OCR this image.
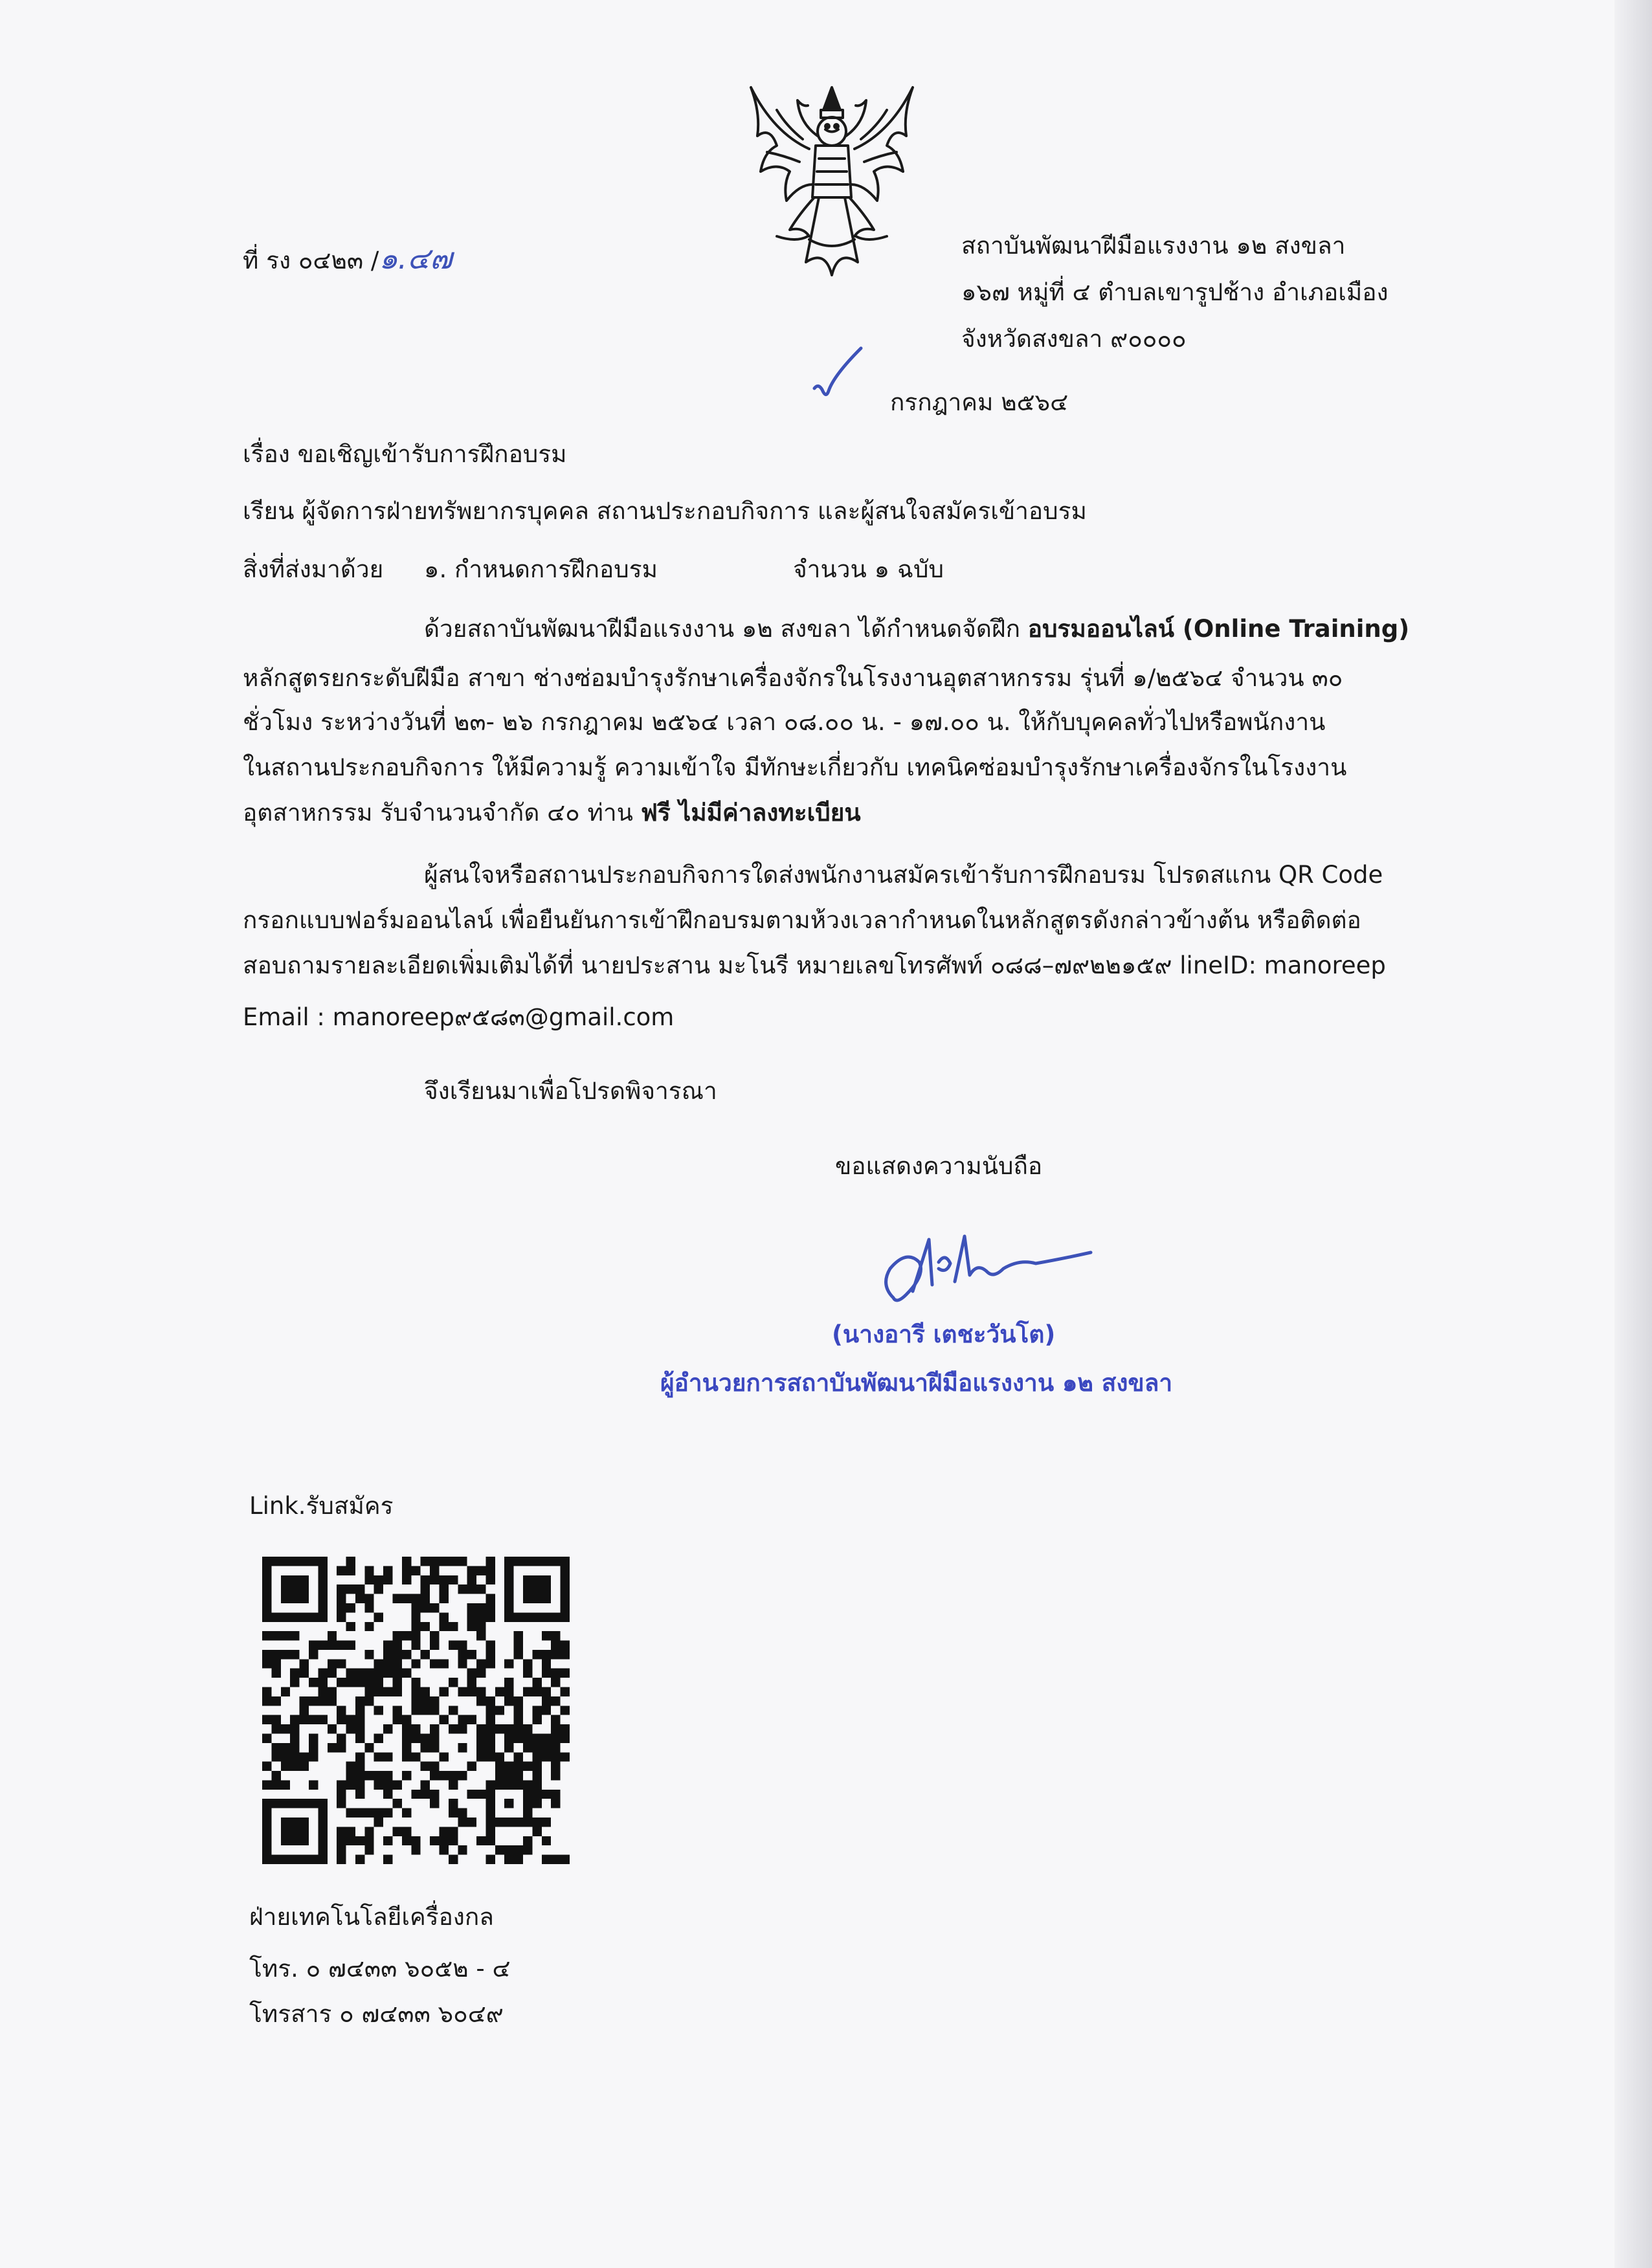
ที่ รง ๐๔๒๓ /๑.๔๗	สถาบันพัฒนาฝีมือแรงงาน ๑๒ สงขลา
๑๖๗ หมู่ที่ ๔ ตำบลเขารูปช้าง อำเภอเมือง
จังหวัดสงขลา ๙๐๐๐๐
กรกฎาคม ๒๕๖๔
เรื่อง ขอเชิญเข้ารับการฝึกอบรม
เรียน ผู้จัดการฝ่ายทรัพยากรบุคคล สถานประกอบกิจการ และผู้สนใจสมัครเข้าอบรม
สิ่งที่ส่งมาด้วย ๑. กำหนดการฝึกอบรม	จำนวน ๑ ฉบับ
ด้วยสถาบันพัฒนาฝีมือแรงงาน ๑๒ สงขลา ได้กำหนดจัดฝึก อบรมออนไลน์ (Online Training)
หลักสูตรยกระดับฝีมือ สาขา ช่างซ่อมบำรุงรักษาเครื่องจักรในโรงงานอุตสาหกรรม รุ่นที่ ๑/๒๕๖๔ จำนวน ๓๐
ชั่วโมง ระหว่างวันที่ ๒๓- ๒๖ กรกฎาคม ๒๕๖๔ เวลา ๐๘.๐๐ น. - ๑๗.๐๐ น. ให้กับบุคคลทั่วไปหรือพนักงาน
ในสถานประกอบกิจการ ให้มีความรู้ ความเข้าใจ มีทักษะเกี่ยวกับ เทคนิคซ่อมบำรุงรักษาเครื่องจักรในโรงงาน
อุตสาหกรรม รับจำนวนจำกัด ๔๐ ท่าน ฟรี ไม่มีค่าลงทะเบียน
ผู้สนใจหรือสถานประกอบกิจการใดส่งพนักงานสมัครเข้ารับการฝึกอบรม โปรดสแกน QR Code
กรอกแบบฟอร์มออนไลน์ เพื่อยืนยันการเข้าฝึกอบรมตามห้วงเวลากำหนดในหลักสูตรดังกล่าวข้างต้น หรือติดต่อ
สอบถามรายละเอียดเพิ่มเติมได้ที่ นายประสาน มะโนรี หมายเลขโทรศัพท์ ๐๘๘–๗๙๒๒๑๕๙ lineID: manoreep
Email : manoreep๙๕๘๓@gmail.com
จึงเรียนมาเพื่อโปรดพิจารณา
ขอแสดงความนับถือ
(นางอารี เตชะวันโต)
ผู้อำนวยการสถาบันพัฒนาฝีมือแรงงาน ๑๒ สงขลา
Link.รับสมัคร
ฝ่ายเทคโนโลยีเครื่องกล
โทร. ๐ ๗๔๓๓ ๖๐๕๒ - ๔
โทรสาร ๐ ๗๔๓๓ ๖๐๔๙
